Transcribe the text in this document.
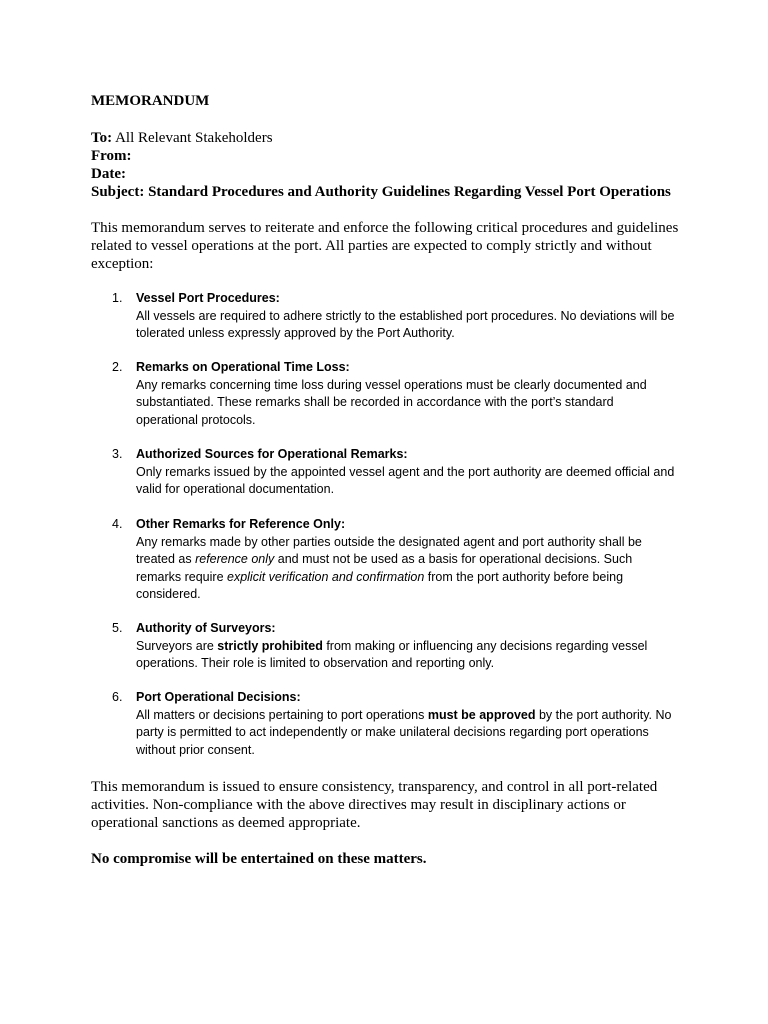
MEMORANDUM
To: All Relevant Stakeholders
From:
Date:
Subject: Standard Procedures and Authority Guidelines Regarding Vessel Port Operations
This memorandum serves to reiterate and enforce the following critical procedures and guidelines related to vessel operations at the port. All parties are expected to comply strictly and without exception:
1.	Vessel Port Procedures:
All vessels are required to adhere strictly to the established port procedures. No deviations will be tolerated unless expressly approved by the Port Authority.
2.	Remarks on Operational Time Loss:
Any remarks concerning time loss during vessel operations must be clearly documented and substantiated. These remarks shall be recorded in accordance with the port’s standard operational protocols.
3.	Authorized Sources for Operational Remarks:
Only remarks issued by the appointed vessel agent and the port authority are deemed official and valid for operational documentation.
4.	Other Remarks for Reference Only:
Any remarks made by other parties outside the designated agent and port authority shall be treated as reference only and must not be used as a basis for operational decisions. Such remarks require explicit verification and confirmation from the port authority before being considered.
5.	Authority of Surveyors:
Surveyors are strictly prohibited from making or influencing any decisions regarding vessel operations. Their role is limited to observation and reporting only.
6.	Port Operational Decisions:
All matters or decisions pertaining to port operations must be approved by the port authority. No party is permitted to act independently or make unilateral decisions regarding port operations without prior consent.
This memorandum is issued to ensure consistency, transparency, and control in all port-related activities. Non-compliance with the above directives may result in disciplinary actions or operational sanctions as deemed appropriate.
No compromise will be entertained on these matters.
